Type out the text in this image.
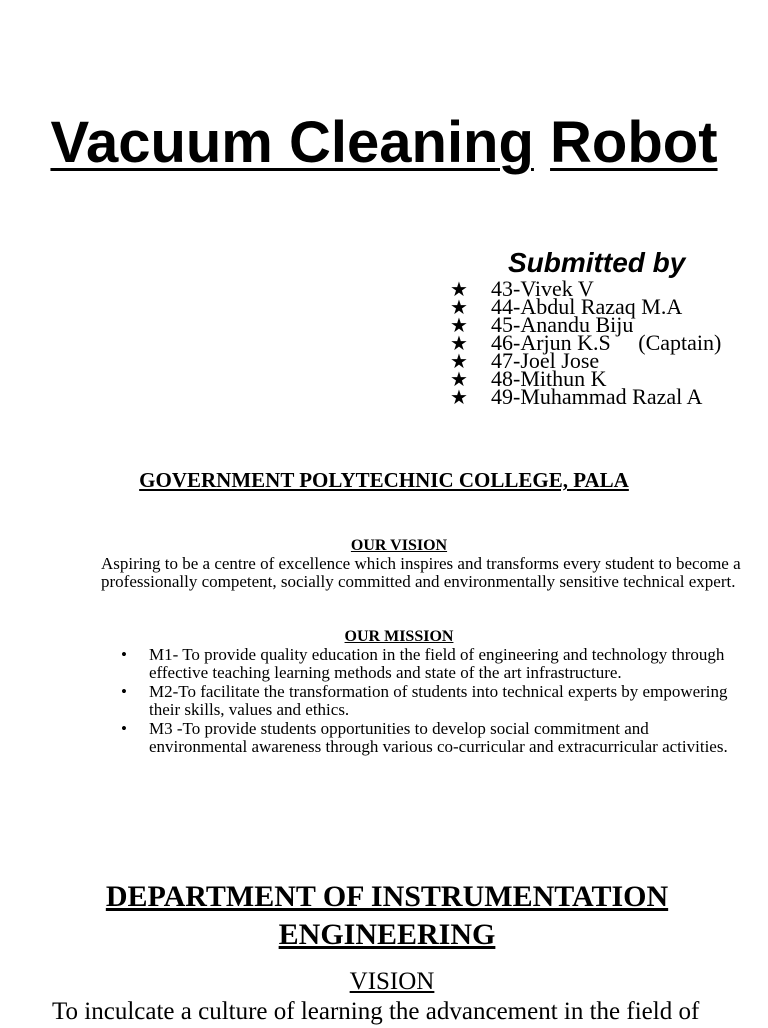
Vacuum Cleaning Robot
Submitted by
★ 43-Vivek V
★ 44-Abdul Razaq M.A
★ 45-Anandu Biju
★ 46-Arjun K.S     (Captain)
★ 47-Joel Jose
★ 48-Mithun K
★ 49-Muhammad Razal A
GOVERNMENT POLYTECHNIC COLLEGE, PALA
OUR VISION

Aspiring to be a centre of excellence which inspires and transforms every student to become a professionally competent, socially committed and environmentally sensitive technical expert.

OUR MISSION
• M1- To provide quality education in the field of engineering and technology through effective teaching learning methods and state of the art infrastructure.
• M2-To facilitate the transformation of students into technical experts by empowering their skills, values and ethics.
• M3 -To provide students opportunities to develop social commitment and environmental awareness through various co-curricular and extracurricular activities.
DEPARTMENT OF INSTRUMENTATION
ENGINEERING
VISION
To inculcate a culture of learning the advancement in the field of
